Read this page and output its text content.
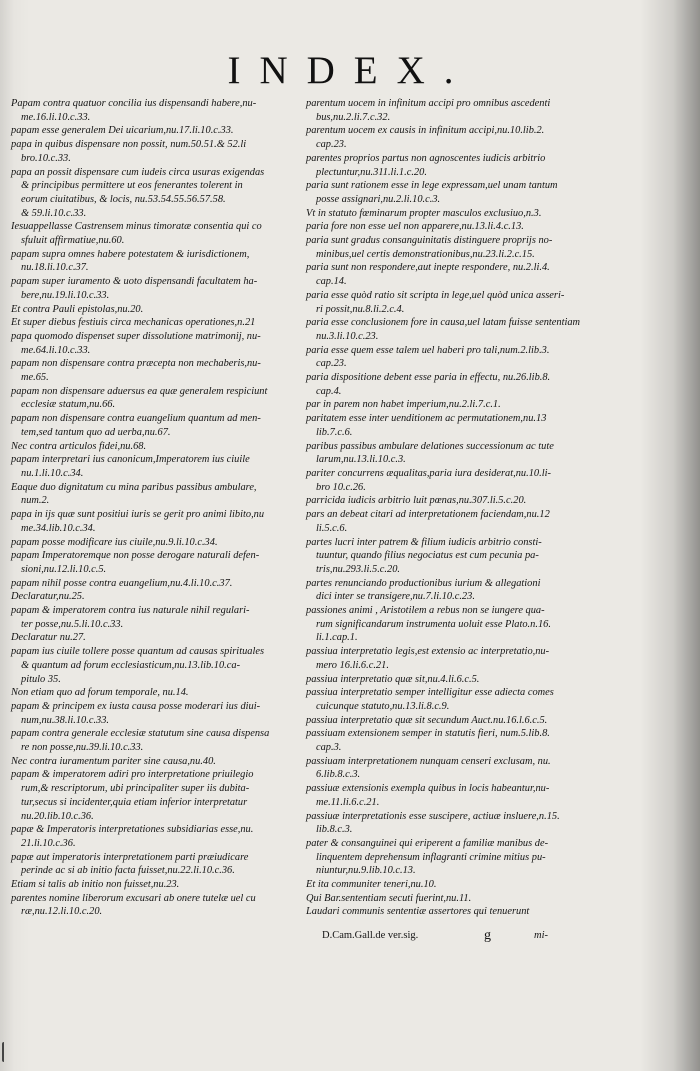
INDEX.

Papam contra quatuor concilia ius dispensandi habere,nu-
me.16.li.10.c.33.

papam esse generalem Dei uicarium,nu.17.li.10.c.33.

papa in quibus dispensare non possit, num.50.51.& 52.li
bro.10.c.33.

papa an possit dispensare cum iudeis circa usuras exigendas
& principibus permittere ut eos fenerantes tolerent in
eorum ciuitatibus, & locis, nu.53.54.55.56.57.58.
& 59.li.10.c.33.

Iesuappellasse Castrensem minus timoratæ consentia qui co
sfuluit affirmatiue,nu.60.

papam supra omnes habere potestatem & iurisdictionem,
nu.18.li.10.c.37.

papam super iuramento & uoto dispensandi facultatem ha-
bere,nu.19.li.10.c.33.

Et contra Pauli epistolas,nu.20.

Et super diebus festiuis circa mechanicas operationes,n.21

papa quomodo dispenset super dissolutione matrimonij, nu-
me.64.li.10.c.33.

papam non dispensare contra præcepta non mechaberis,nu-
me.65.

papam non dispensare aduersus ea quæ generalem respiciunt
ecclesiæ statum,nu.66.

papam non dispensare contra euangelium quantum ad men-
tem,sed tantum quo ad uerba,nu.67.

Nec contra articulos fidei,nu.68.

papam interpretari ius canonicum,Imperatorem ius ciuile
nu.1.li.10.c.34.

Eaque duo dignitatum cu mina paribus passibus ambulare,
num.2.

papa in ijs quæ sunt positiui iuris se gerit pro animi libito,nu
me.34.lib.10.c.34.

papam posse modificare ius ciuile,nu.9.li.10.c.34.

papam Imperatoremque non posse derogare naturali defen-
sioni,nu.12.li.10.c.5.

papam nihil posse contra euangelium,nu.4.li.10.c.37.

Declaratur,nu.25.

papam & imperatorem contra ius naturale nihil regulari-
ter posse,nu.5.li.10.c.33.

Declaratur nu.27.

papam ius ciuile tollere posse quantum ad causas spirituales
& quantum ad forum ecclesiasticum,nu.13.lib.10.ca-
pitulo 35.

Non etiam quo ad forum temporale, nu.14.

papam & principem ex iusta causa posse moderari ius diui-
num,nu.38.li.10.c.33.

papam contra generale ecclesiæ statutum sine causa dispensa
re non posse,nu.39.li.10.c.33.

Nec contra iuramentum pariter sine causa,nu.40.

papam & imperatorem adiri pro interpretatione priuilegio
rum,& rescriptorum, ubi principaliter super iis dubita-
tur,secus si incidenter,quia etiam inferior interpretatur
nu.20.lib.10.c.36.

papæ & Imperatoris interpretationes subsidiarias esse,nu.
21.li.10.c.36.

papæ aut imperatoris interpretationem parti præiudicare
perinde ac si ab initio facta fuisset,nu.22.li.10.c.36.

Etiam si talis ab initio non fuisset,nu.23.

parentes nomine liberorum excusari ab onere tutelæ uel cu
ræ,nu.12.li.10.c.20.

parentum uocem in infinitum accipi pro omnibus ascedenti
bus,nu.2.li.7.c.32.

parentum uocem ex causis in infinitum accipi,nu.10.lib.2.
cap.23.

parentes proprios partus non agnoscentes iudicis arbitrio
plectuntur,nu.311.li.1.c.20.

paria sunt rationem esse in lege expressam,uel unam tantum
posse assignari,nu.2.li.10.c.3.

Vt in statuto fœminarum propter masculos exclusiuo,n.3.

paria fore non esse uel non apparere,nu.13.li.4.c.13.

paria sunt gradus consanguinitatis distinguere proprijs no-
minibus,uel certis demonstrationibus,nu.23.li.2.c.15.

paria sunt non respondere,aut inepte respondere, nu.2.li.4.
cap.14.

paria esse quòd ratio sit scripta in lege,uel quòd unica asseri-
ri possit,nu.8.li.2.c.4.

paria esse conclusionem fore in causa,uel latam fuisse sententiam
nu.3.li.10.c.23.

paria esse quem esse talem uel haberi pro tali,num.2.lib.3.
cap.23.

paria dispositione debent esse paria in effectu, nu.26.lib.8.
cap.4.

par in parem non habet imperium,nu.2.li.7.c.1.

paritatem esse inter uenditionem ac permutationem,nu.13
lib.7.c.6.

paribus passibus ambulare delationes successionum ac tute
larum,nu.13.li.10.c.3.

pariter concurrens æqualitas,paria iura desiderat,nu.10.li-
bro 10.c.26.

parricida iudicis arbitrio luit pœnas,nu.307.li.5.c.20.

pars an debeat citari ad interpretationem faciendam,nu.12
li.5.c.6.

partes lucri inter patrem & filium iudicis arbitrio consti-
tuuntur, quando filius negociatus est cum pecunia pa-
tris,nu.293.li.5.c.20.

partes renunciando productionibus iurium & allegationi
dici inter se transigere,nu.7.li.10.c.23.

passiones animi , Aristotilem a rebus non se iungere qua-
rum significandarum instrumenta uoluit esse Plato.n.16.
li.1.cap.1.

passiua interpretatio legis,est extensio ac interpretatio,nu-
mero 16.li.6.c.21.

passiua interpretatio quæ sit,nu.4.li.6.c.5.

passiua interpretatio semper intelligitur esse adiecta comes
cuicunque statuto,nu.13.li.8.c.9.

passiua interpretatio quæ sit secundum Auct.nu.16.l.6.c.5.

passiuam extensionem semper in statutis fieri, num.5.lib.8.
cap.3.

passiuam interpretationem nunquam censeri exclusam, nu.
6.lib.8.c.3.

passiuæ extensionis exempla quibus in locis habeantur,nu-
me.11.li.6.c.21.

passiuæ interpretationis esse suscipere, actiuæ insluere,n.15.
lib.8.c.3.

pater & consanguinei qui eriperent a familiæ manibus de-
linquentem deprehensum inflagranti crimine mitius pu-
niuntur,nu.9.lib.10.c.13.

Et ita communiter teneri,nu.10.

Qui Bar.sententiam secuti fuerint,nu.11.

Laudari communis sententiæ assertores qui tenuerunt

D.Cam.Gall.de ver.sig.	g	mi-
